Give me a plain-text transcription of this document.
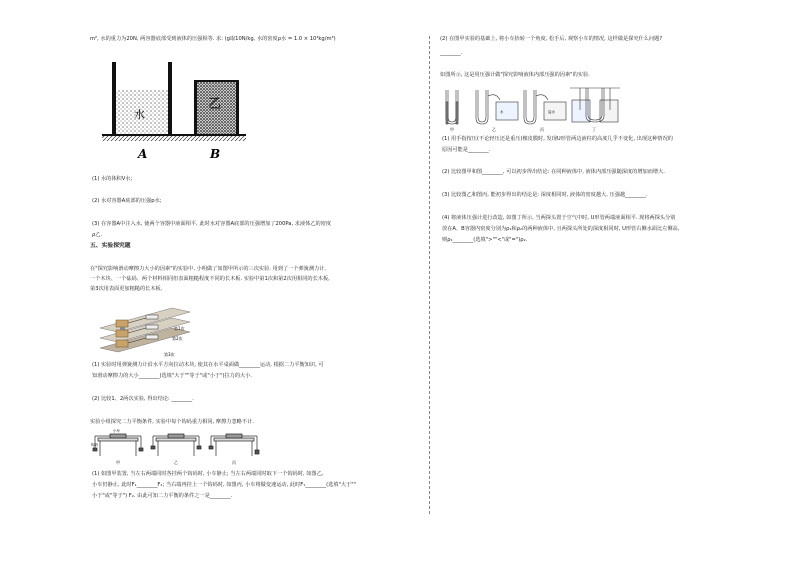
m², 水的重力为20N, 两容器底部受到液体的压强相等. 求: (g取10N/kg, 水的密度ρ水 = 1.0 × 10³kg/m³)
水
乙
A	B
(1) 水的体积V水;
(2) 水对容器A底部的压强p水;
(3) 在容器A中注入水, 使两个容器中液面相平, 此时水对容器A底部的压强增加了200Pa, 求液体乙的密度
ρ乙.
五、实验探究题
在"探究影响滑动摩擦力大小的因素"的实验中, 小明做了如图甲所示的三次实验. 用到了一个弹簧测力计、
一个木块、一个砝码、两个材料相同但表面粗糙程度不同的长木板. 实验中第1次和第2次用相同的长木板,
第3次用表面更加粗糙的长木板.
第1次
第2次
第3次
(1) 实验时用弹簧测力计沿水平方向拉动木块, 使其在水平桌面做________运动, 根据二力平衡知识, 可
知滑动摩擦力的大小________(选填"大于""等于"或"小于")拉力的大小.
(2) 比较1、2两次实验, 得出结论: ________.
实验小组探究二力平衡条件, 实验中每个钩码重力相同, 摩擦力忽略不计.
钩码
小车
甲	乙	丙
(1) 如图甲装置, 当左右两端同时各挂两个钩码时, 小车静止; 当左右两端同时取下一个钩码时, 如图乙,
小车仍静止, 此时F₁________F₂; 当右端再挂上一个钩码时, 如图丙, 小车将做变速运动, 此时F₁________(选填"大于""
小于"或"等于") F₂. 由此可知二力平衡的条件之一是________.
(2) 在图甲实验的基础上, 将小车抬转一个角度, 松手后, 观察小车的情况, 这样做是探究什么问题?
________.
如图所示, 这是用压强计做"探究影响液体内部压强的因素"的实验.
水	盐水
甲	乙	丙	丁
(1) 用手指按压(不论轻压还是重压)橡皮膜时, 发现U形管两边液柱的高度几乎不变化, 出现这种情况的
原因可能是________.
(2) 比较图甲和图________, 可以初步得出结论: 在同种液体中, 液体内部压强随深度的增加而增大.
(3) 比较图乙和图丙, 能初步得出的结论是: 深度相同时, 液体的密度越大, 压强越________.
(4) 将液体压强计进行改造, 如图丁所示, 当两探头置于空气中时, U形管两端液面相平. 现将两探头分别
放在A、B容器内密度分别为ρ₁和ρ₂的两种液体中, 且两探头所处的深度相同时, U形管右侧水面比左侧高,
则ρ₁________(选填">""<"或"=")ρ₂.
